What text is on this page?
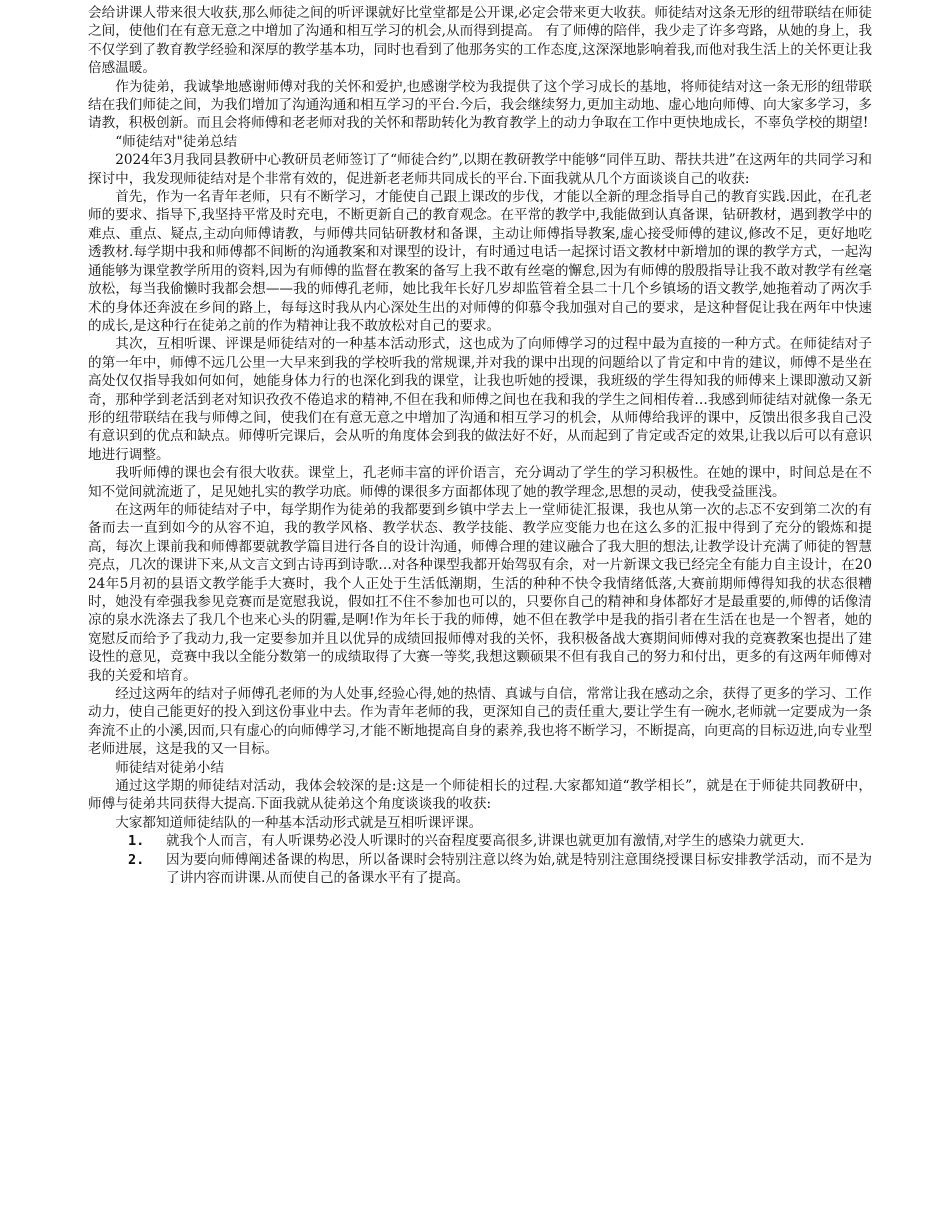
会给讲课人带来很大收获,那么师徒之间的听评课就好比堂堂都是公开课,必定会带来更大收获。师徒结对这条无形的纽带联结在师徒之间，使他们在有意无意之中增加了沟通和相互学习的机会,从而得到提高。 有了师傅的陪伴，我少走了许多弯路，从她的身上，我不仅学到了教育教学经验和深厚的教学基本功，同时也看到了他那务实的工作态度,这深深地影响着我,而他对我生活上的关怀更让我倍感温暖。

作为徒弟，我诚挚地感谢师傅对我的关怀和爱护,也感谢学校为我提供了这个学习成长的基地，将师徒结对这一条无形的纽带联结在我们师徒之间，为我们增加了沟通沟通和相互学习的平台.今后，我会继续努力,更加主动地、虚心地向师傅、向大家多学习，多请教，积极创新。而且会将师傅和老老师对我的关怀和帮助转化为教育教学上的动力争取在工作中更快地成长，不辜负学校的期望!

“师徒结对"徒弟总结

2024年3月我同县教研中心教研员老师签订了“师徒合约”,以期在教研教学中能够“同伴互助、帮扶共进”在这两年的共同学习和探讨中，我发现师徒结对是个非常有效的，促进新老老师共同成长的平台.下面我就从几个方面谈谈自己的收获:

首先，作为一名青年老师，只有不断学习，才能使自己跟上课改的步伐，才能以全新的理念指导自己的教育实践.因此，在孔老师的要求、指导下,我坚持平常及时充电，不断更新自己的教育观念。在平常的教学中,我能做到认真备课，钻研教材，遇到教学中的难点、重点、疑点,主动向师傅请教，与师傅共同钻研教材和备课，主动让师傅指导教案,虚心接受师傅的建议,修改不足，更好地吃透教材.每学期中我和师傅都不间断的沟通教案和对课型的设计，有时通过电话一起探讨语文教材中新增加的课的教学方式，一起沟通能够为课堂教学所用的资料,因为有师傅的监督在教案的备写上我不敢有丝毫的懈怠,因为有师傅的殷殷指导让我不敢对教学有丝毫放松，每当我偷懒时我都会想——我的师傅孔老师，她比我年长好几岁却监管着全县二十几个乡镇场的语文教学,她拖着动了两次手术的身体还奔波在乡间的路上，每每这时我从内心深处生出的对师傅的仰慕令我加强对自己的要求，是这种督促让我在两年中快速的成长,是这种行在徒弟之前的作为精神让我不敢放松对自己的要求。

其次，互相听课、评课是师徒结对的一种基本活动形式，这也成为了向师傅学习的过程中最为直接的一种方式。在师徒结对子的第一年中，师傅不远几公里一大早来到我的学校听我的常规课,并对我的课中出现的问题给以了肯定和中肯的建议，师傅不是坐在高处仅仅指导我如何如何，她能身体力行的也深化到我的课堂，让我也听她的授课，我班级的学生得知我的师傅来上课即激动又新奇，那种学到老活到老对知识孜孜不倦追求的精神,不但在我和师傅之间也在我和我的学生之间相传着…我感到师徒结对就像一条无形的纽带联结在我与师傅之间，使我们在有意无意之中增加了沟通和相互学习的机会，从师傅给我评的课中，反馈出很多我自己没有意识到的优点和缺点。师傅听完课后，会从听的角度体会到我的做法好不好，从而起到了肯定或否定的效果,让我以后可以有意识地进行调整。

我听师傅的课也会有很大收获。课堂上，孔老师丰富的评价语言，充分调动了学生的学习积极性。在她的课中，时间总是在不知不觉间就流逝了，足见她扎实的教学功底。师傅的课很多方面都体现了她的教学理念,思想的灵动，使我受益匪浅。

在这两年的师徒结对子中，每学期作为徒弟的我都要到乡镇中学去上一堂师徒汇报课，我也从第一次的忐忑不安到第二次的有备而去一直到如今的从容不迫，我的教学风格、教学状态、教学技能、教学应变能力也在这么多的汇报中得到了充分的锻炼和提高，每次上课前我和师傅都要就教学篇目进行各自的设计沟通，师傅合理的建议融合了我大胆的想法,让教学设计充满了师徒的智慧亮点，几次的课讲下来,从文言文到古诗再到诗歌…对各种课型我都开始驾驭有余，对一片新课文我已经完全有能力自主设计，在2024年5月初的县语文教学能手大赛时，我个人正处于生活低潮期，生活的种种不快令我情绪低落,大赛前期师傅得知我的状态很糟时，她没有牵强我参见竞赛而是宽慰我说，假如扛不住不参加也可以的，只要你自己的精神和身体都好才是最重要的,师傅的话像清凉的泉水洗涤去了我几个也来心头的阴霾,是啊!作为年长于我的师傅，她不但在教学中是我的指引者在生活在也是一个智者，她的宽慰反而给予了我动力,我一定要参加并且以优异的成绩回报师傅对我的关怀，我积极备战大赛期间师傅对我的竞赛教案也提出了建设性的意见，竞赛中我以全能分数第一的成绩取得了大赛一等奖,我想这颗硕果不但有我自己的努力和付出，更多的有这两年师傅对我的关爱和培育。

经过这两年的结对子师傅孔老师的为人处事,经验心得,她的热情、真诚与自信，常常让我在感动之余，获得了更多的学习、工作动力，使自己能更好的投入到这份事业中去。作为青年老师的我，更深知自己的责任重大,要让学生有一碗水,老师就一定要成为一条奔流不止的小溪,因而,只有虚心的向师傅学习,才能不断地提高自身的素养,我也将不断学习，不断提高，向更高的目标迈进,向专业型老师进展，这是我的又一目标。

师徒结对徒弟小结

通过这学期的师徒结对活动，我体会较深的是:这是一个师徒相长的过程.大家都知道“教学相长”，就是在于师徒共同教研中，师傅与徒弟共同获得大提高.下面我就从徒弟这个角度谈谈我的收获:

大家都知道师徒结队的一种基本活动形式就是互相听课评课。

1.	就我个人而言，有人听课势必没人听课时的兴奋程度要高很多,讲课也就更加有激情,对学生的感染力就更大.
2.	因为要向师傅阐述备课的构思，所以备课时会特别注意以终为始,就是特别注意围绕授课目标安排教学活动，而不是为了讲内容而讲课.从而使自己的备课水平有了提高。
